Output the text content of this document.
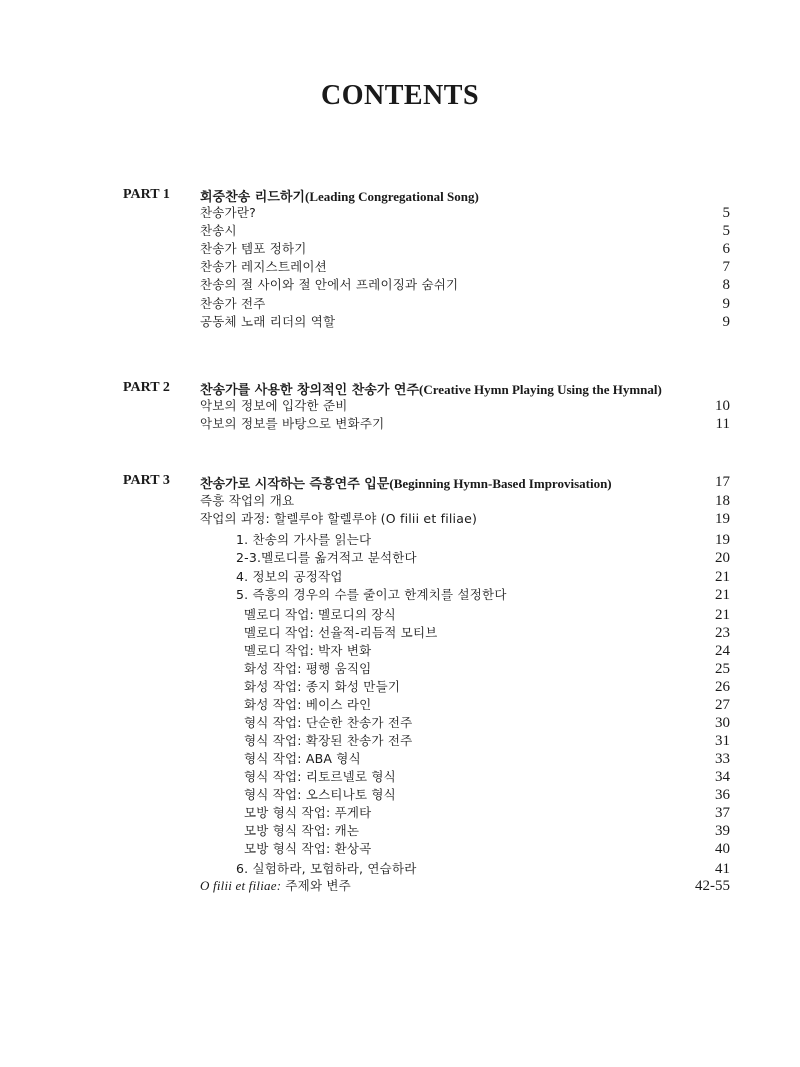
CONTENTS
PART 1 회중찬송 리드하기(Leading Congregational Song)
찬송가란?	5
찬송시	5
찬송가 템포 정하기	6
찬송가 레지스트레이션	7
찬송의 절 사이와 절 안에서 프레이징과 숨쉬기	8
찬송가 전주	9
공동체 노래 리더의 역할	9
PART 2 찬송가를 사용한 창의적인 찬송가 연주(Creative Hymn Playing Using the Hymnal)
악보의 정보에 입각한 준비	10
악보의 정보를 바탕으로 변화주기	11
PART 3 찬송가로 시작하는 즉흥연주 입문(Beginning Hymn-Based Improvisation)	17
즉흥 작업의 개요	18
작업의 과정: 할렐루야 할렐루야 (O filii et filiae)	19
1. 찬송의 가사를 읽는다	19
2-3.멜로디를 옮겨적고 분석한다	20
4. 정보의 공정작업	21
5. 즉흥의 경우의 수를 줄이고 한계치를 설정한다	21
멜로디 작업: 멜로디의 장식	21
멜로디 작업: 선율적-리듬적 모티브	23
멜로디 작업: 박자 변화	24
화성 작업: 평행 움직임	25
화성 작업: 종지 화성 만들기	26
화성 작업: 베이스 라인	27
형식 작업: 단순한 찬송가 전주	30
형식 작업: 확장된 찬송가 전주	31
형식 작업: ABA 형식	33
형식 작업: 리토르넬로 형식	34
형식 작업: 오스티나토 형식	36
모방 형식 작업: 푸게타	37
모방 형식 작업: 캐논	39
모방 형식 작업: 환상곡	40
6. 실험하라, 모험하라, 연습하라	41
O filii et filiae: 주제와 변주	42-55
